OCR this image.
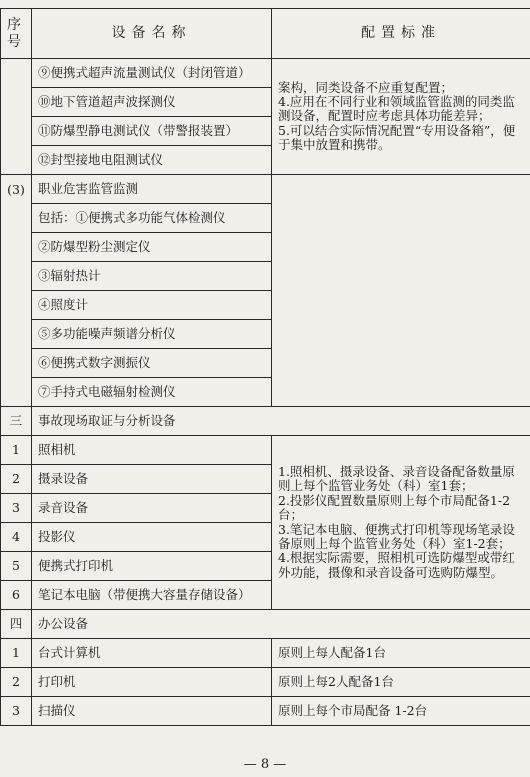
序号	设备名称	配置标准
	⑨便携式超声流量测试仪（封闭管道）	案构，同类设备不应重复配置；

4.应用在不同行业和领域监管监测的同类监测设备，配置时应考虑具体功能差异；

5.可以结合实际情况配置“专用设备箱”，便于集中放置和携带。

	⑩地下管道超声波探测仪	
	⑪防爆型静电测试仪（带警报装置）	
	⑫封型接地电阻测试仪	
(3)	职业危害监管监测	
	包括：①便携式多功能气体检测仪	
	②防爆型粉尘测定仪	
	③辐射热计	
	④照度计	
	⑤多功能噪声频谱分析仪	
	⑥便携式数字测振仪	
	⑦手持式电磁辐射检测仪	
三	事故现场取证与分析设备	
1	照相机	1.照相机、摄录设备、录音设备配备数量原则上每个监管业务处（科）室1套；

2.投影仪配置数量原则上每个市局配备1-2台；

3.笔记本电脑、便携式打印机等现场笔录设备原则上每个监管业务处（科）室1-2套；

4.根据实际需要，照相机可选防爆型或带红外功能，摄像和录音设备可选购防爆型。

2	摄录设备	
3	录音设备	
4	投影仪	
5	便携式打印机	
6	笔记本电脑（带便携大容量存储设备）	
四	办公设备	
1	台式计算机	原则上每人配备1台
2	打印机	原则上每2人配备1台
3	扫描仪	原则上每个市局配备 1-2台
— 8 —
